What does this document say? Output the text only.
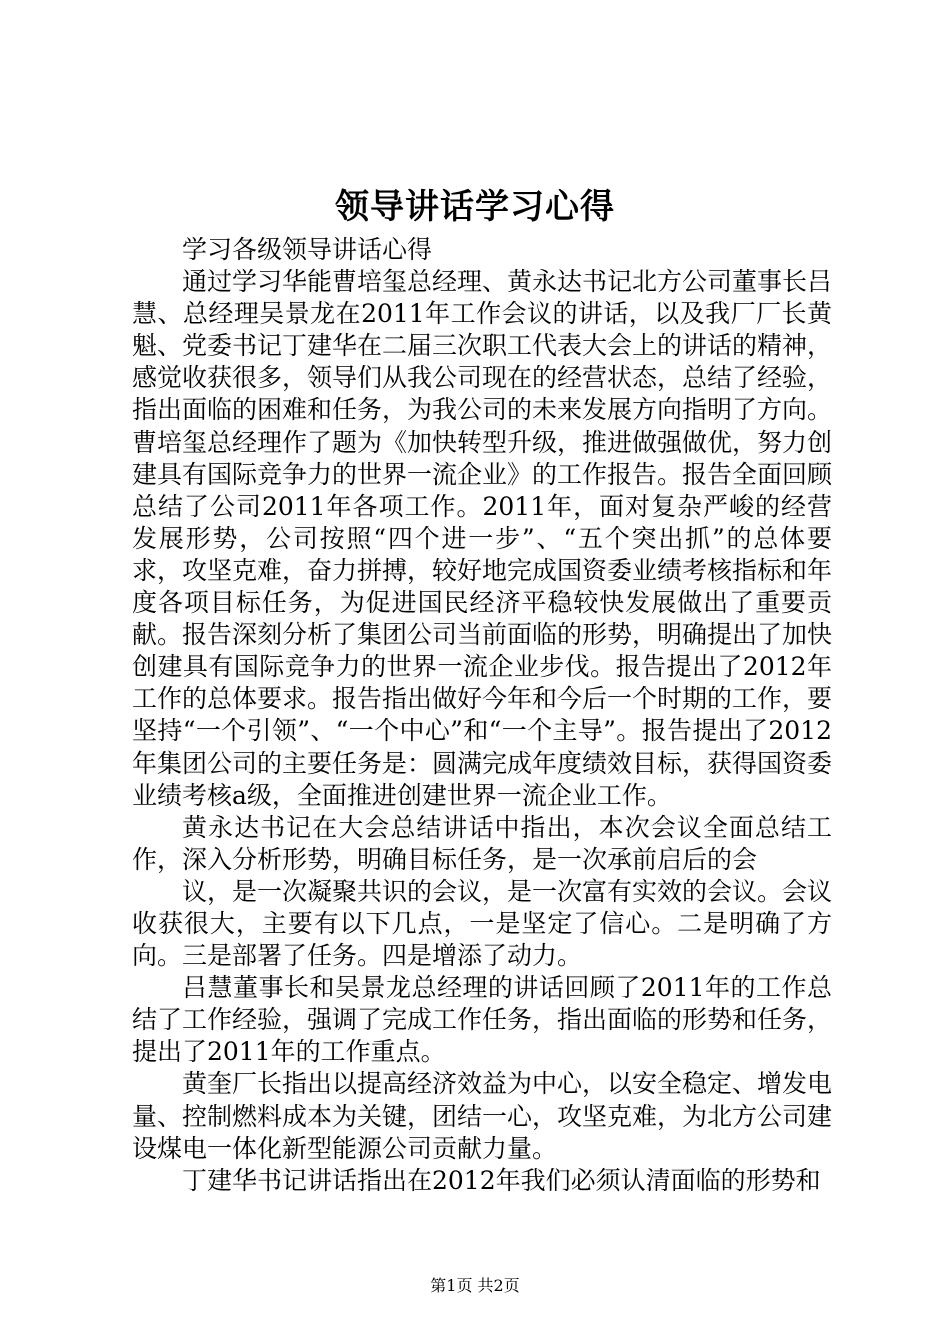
领导讲话学习心得

学习各级领导讲话心得

通过学习华能曹培玺总经理、黄永达书记北方公司董事长吕慧、总经理吴景龙在2011年工作会议的讲话，以及我厂厂长黄魁、党委书记丁建华在二届三次职工代表大会上的讲话的精神，感觉收获很多，领导们从我公司现在的经营状态，总结了经验，指出面临的困难和任务，为我公司的未来发展方向指明了方向。曹培玺总经理作了题为《加快转型升级，推进做强做优，努力创建具有国际竞争力的世界一流企业》的工作报告。报告全面回顾总结了公司2011年各项工作。2011年，面对复杂严峻的经营发展形势，公司按照“四个进一步”、“五个突出抓”的总体要求，攻坚克难，奋力拼搏，较好地完成国资委业绩考核指标和年度各项目标任务，为促进国民经济平稳较快发展做出了重要贡献。报告深刻分析了集团公司当前面临的形势，明确提出了加快创建具有国际竞争力的世界一流企业步伐。报告提出了2012年工作的总体要求。报告指出做好今年和今后一个时期的工作，要坚持“一个引领”、“一个中心”和“一个主导”。报告提出了2012年集团公司的主要任务是：圆满完成年度绩效目标，获得国资委业绩考核a级，全面推进创建世界一流企业工作。

黄永达书记在大会总结讲话中指出，本次会议全面总结工作，深入分析形势，明确目标任务，是一次承前启后的会

议，是一次凝聚共识的会议，是一次富有实效的会议。会议收获很大，主要有以下几点，一是坚定了信心。二是明确了方向。三是部署了任务。四是增添了动力。

吕慧董事长和吴景龙总经理的讲话回顾了2011年的工作总结了工作经验，强调了完成工作任务，指出面临的形势和任务，提出了2011年的工作重点。

黄奎厂长指出以提高经济效益为中心，以安全稳定、增发电量、控制燃料成本为关键，团结一心，攻坚克难，为北方公司建设煤电一体化新型能源公司贡献力量。

丁建华书记讲话指出在2012年我们必须认清面临的形势和

第1页 共2页
